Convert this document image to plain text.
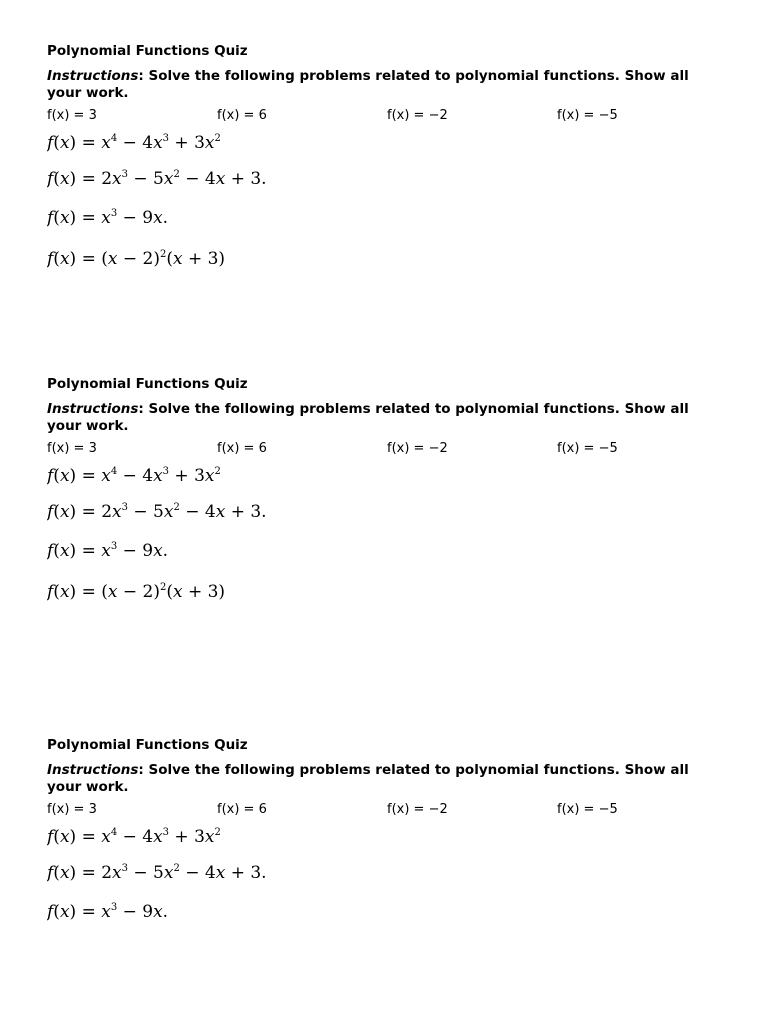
Polynomial Functions Quiz

Instructions: Solve the following problems related to polynomial functions. Show all your work.

f(x) = 3	f(x) = 6	f(x) = −2	f(x) = −5

$f(x) = x^4 - 4x^3 + 3x^2$

$f(x) = 2x^3 - 5x^2 - 4x + 3$.

$f(x) = x^3 - 9x$.

$f(x) = (x - 2)^2(x + 3)$

Polynomial Functions Quiz

Instructions: Solve the following problems related to polynomial functions. Show all your work.

f(x) = 3	f(x) = 6	f(x) = −2	f(x) = −5

$f(x) = x^4 - 4x^3 + 3x^2$

$f(x) = 2x^3 - 5x^2 - 4x + 3$.

$f(x) = x^3 - 9x$.

$f(x) = (x - 2)^2(x + 3)$

Polynomial Functions Quiz

Instructions: Solve the following problems related to polynomial functions. Show all your work.

f(x) = 3	f(x) = 6	f(x) = −2	f(x) = −5

$f(x) = x^4 - 4x^3 + 3x^2$

$f(x) = 2x^3 - 5x^2 - 4x + 3$.

$f(x) = x^3 - 9x$.
